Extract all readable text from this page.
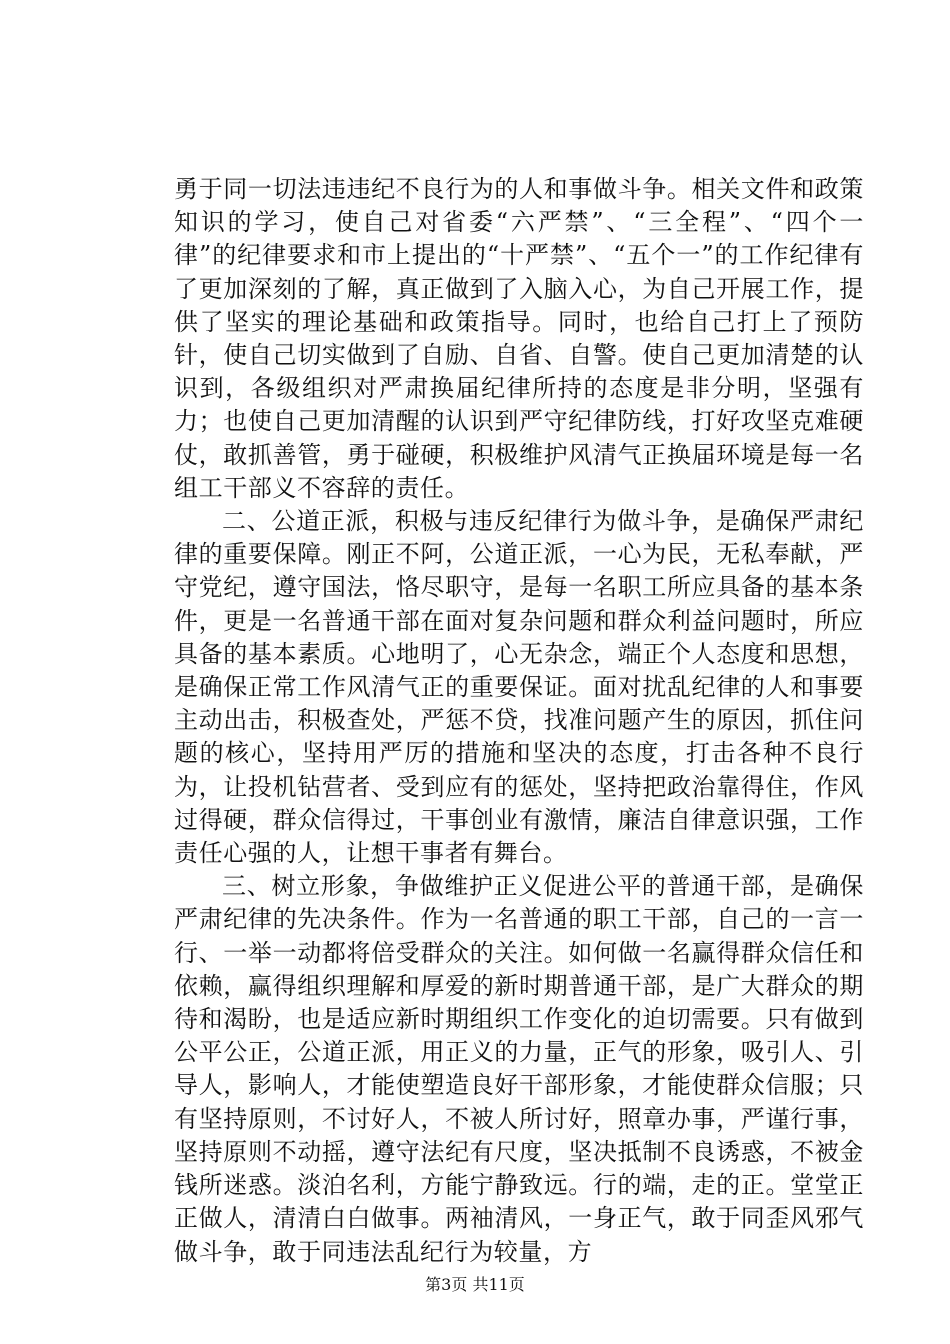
勇于同一切法违违纪不良行为的人和事做斗争。相关文件和政策知识的学习，使自己对省委“六严禁”、“三全程”、“四个一律”的纪律要求和市上提出的“十严禁”、“五个一”的工作纪律有了更加深刻的了解，真正做到了入脑入心，为自己开展工作，提供了坚实的理论基础和政策指导。同时，也给自己打上了预防针，使自己切实做到了自励、自省、自警。使自己更加清楚的认识到，各级组织对严肃换届纪律所持的态度是非分明，坚强有力；也使自己更加清醒的认识到严守纪律防线，打好攻坚克难硬仗，敢抓善管，勇于碰硬，积极维护风清气正换届环境是每一名组工干部义不容辞的责任。

二、公道正派，积极与违反纪律行为做斗争，是确保严肃纪律的重要保障。刚正不阿，公道正派，一心为民，无私奉献，严守党纪，遵守国法，恪尽职守，是每一名职工所应具备的基本条件，更是一名普通干部在面对复杂问题和群众利益问题时，所应具备的基本素质。心地明了，心无杂念，端正个人态度和思想，是确保正常工作风清气正的重要保证。面对扰乱纪律的人和事要主动出击，积极查处，严惩不贷，找准问题产生的原因，抓住问题的核心，坚持用严厉的措施和坚决的态度，打击各种不良行为，让投机钻营者、受到应有的惩处，坚持把政治靠得住，作风过得硬，群众信得过，干事创业有激情，廉洁自律意识强，工作责任心强的人，让想干事者有舞台。

三、树立形象，争做维护正义促进公平的普通干部，是确保严肃纪律的先决条件。作为一名普通的职工干部，自己的一言一行、一举一动都将倍受群众的关注。如何做一名赢得群众信任和依赖，赢得组织理解和厚爱的新时期普通干部，是广大群众的期待和渴盼，也是适应新时期组织工作变化的迫切需要。只有做到公平公正，公道正派，用正义的力量，正气的形象，吸引人、引导人，影响人，才能使塑造良好干部形象，才能使群众信服；只有坚持原则，不讨好人，不被人所讨好，照章办事，严谨行事，坚持原则不动摇，遵守法纪有尺度，坚决抵制不良诱惑，不被金钱所迷惑。淡泊名利，方能宁静致远。行的端，走的正。堂堂正正做人，清清白白做事。两袖清风，一身正气，敢于同歪风邪气做斗争，敢于同违法乱纪行为较量，方

第3页 共11页
